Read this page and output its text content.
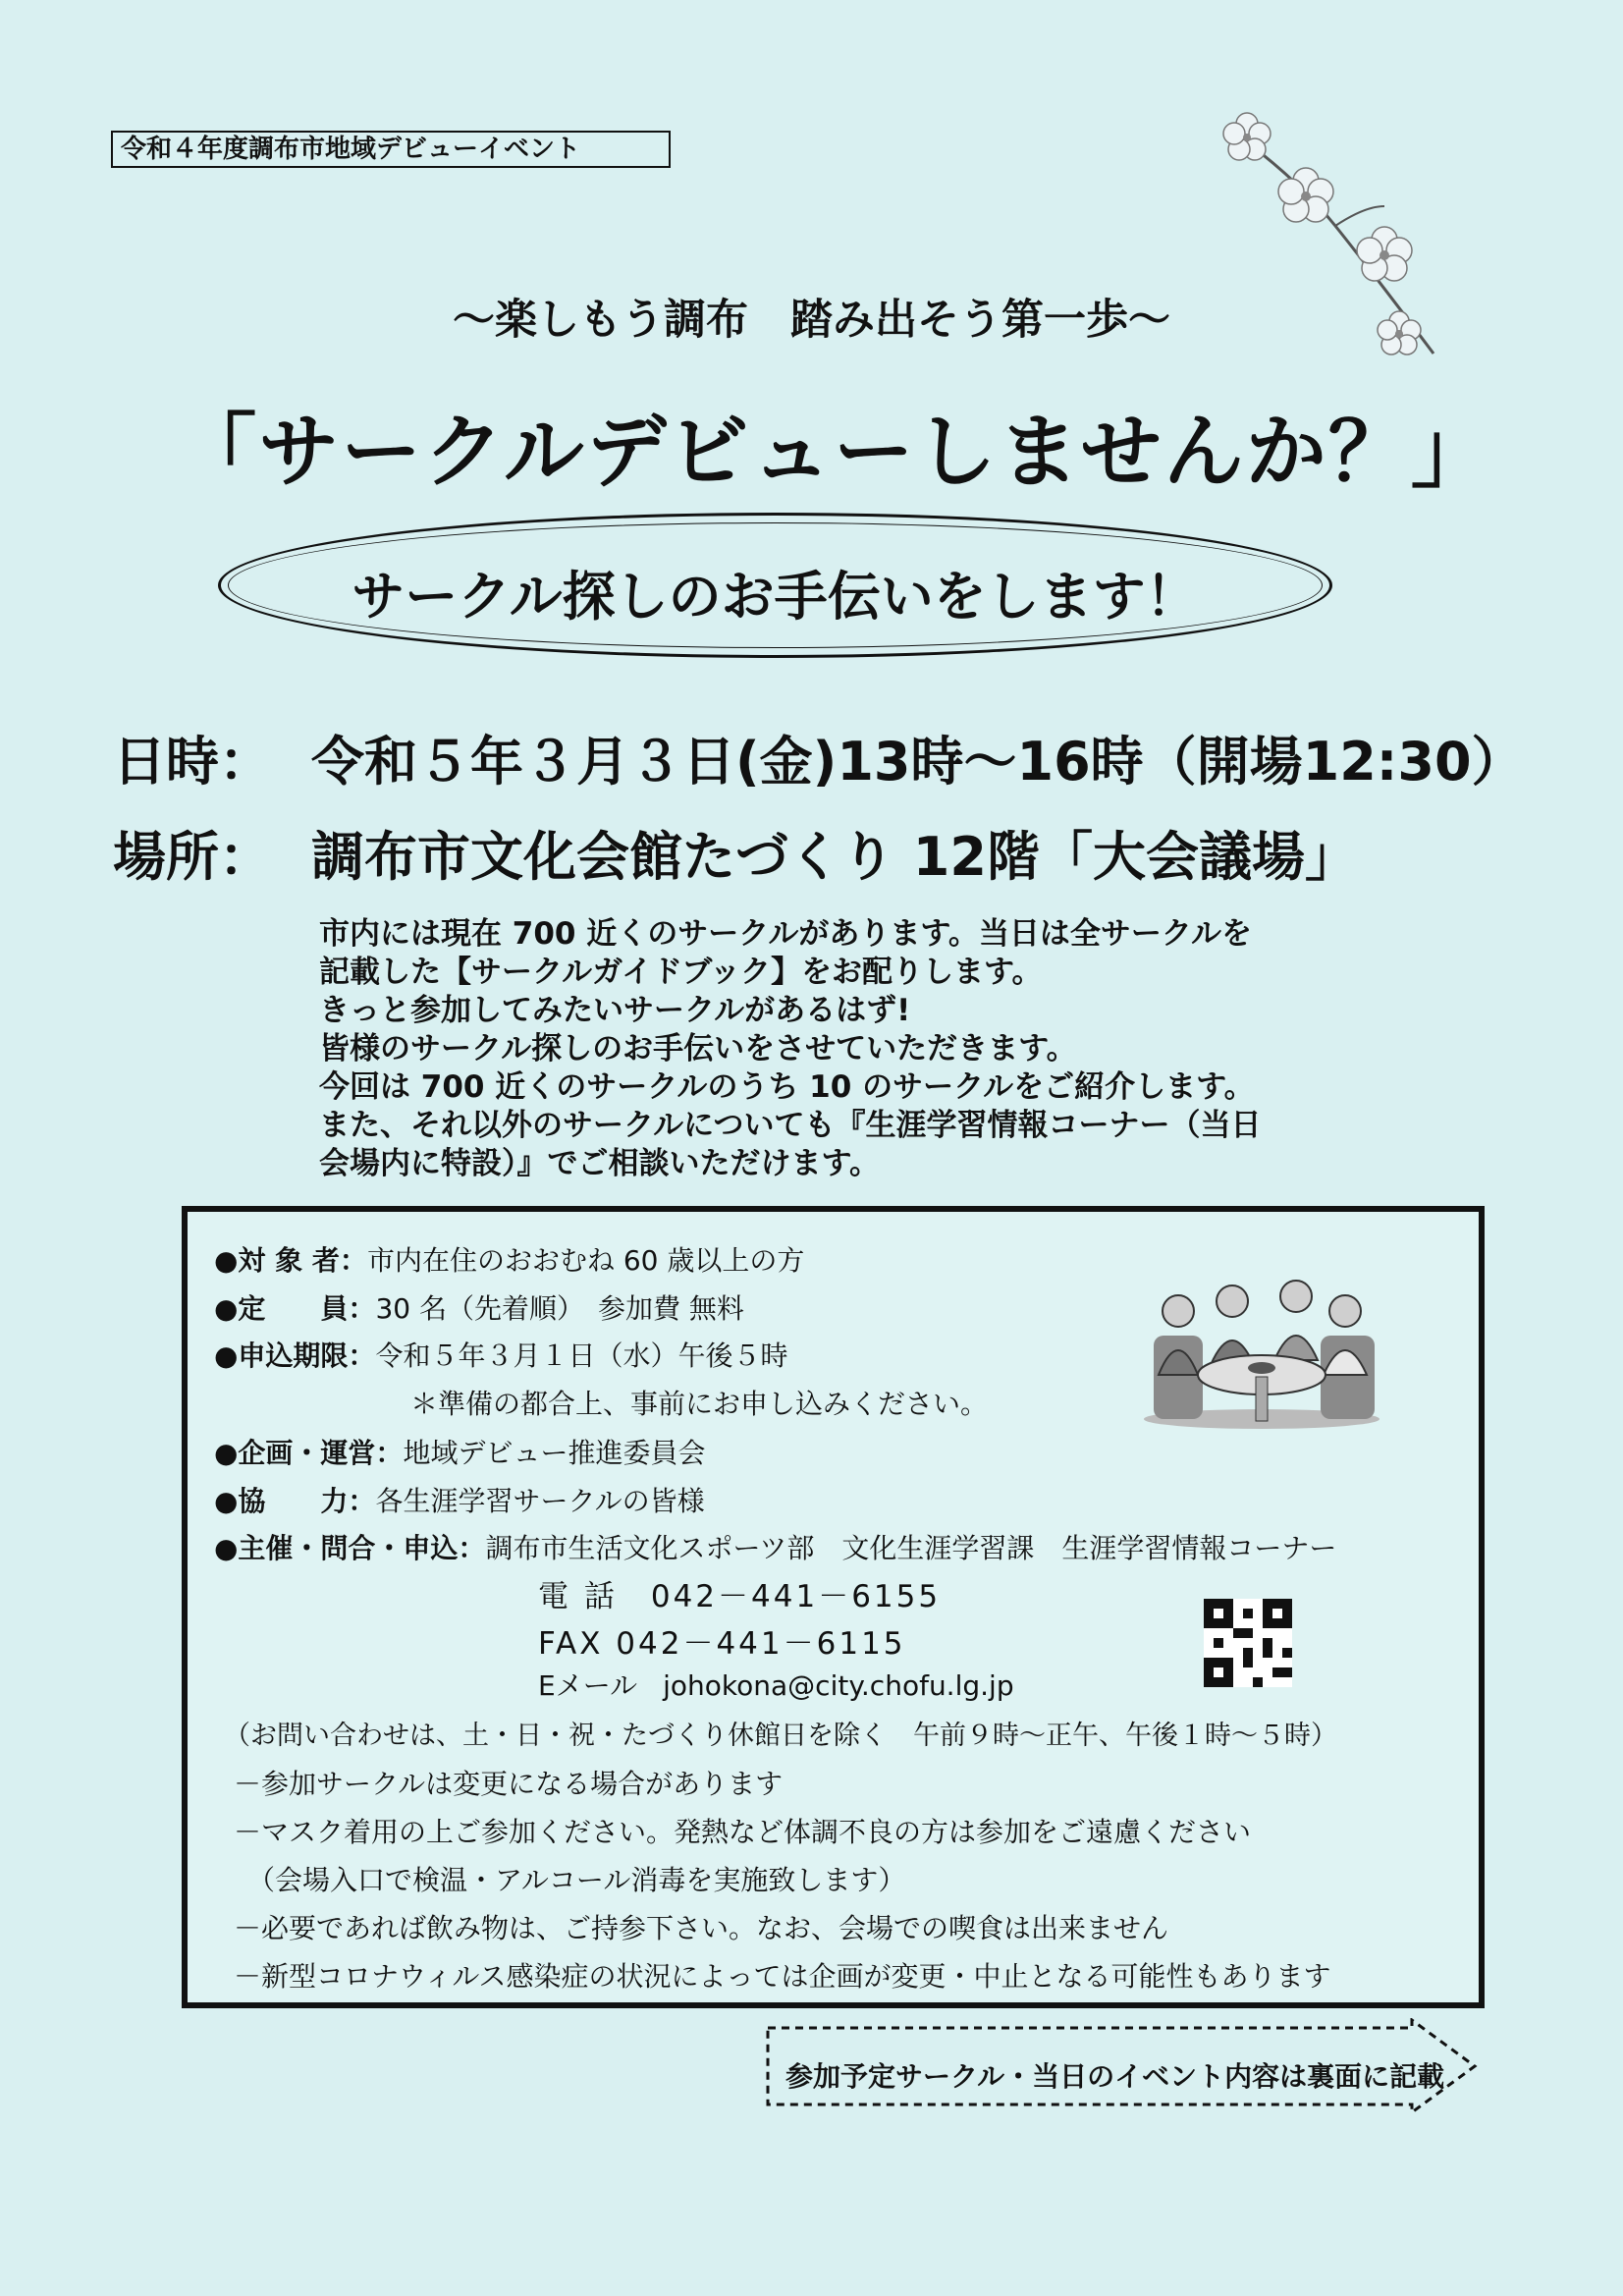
令和４年度調布市地域デビューイベント
～楽しもう調布　踏み出そう第一歩～
「サークルデビューしませんか？」
サークル探しのお手伝いをします！
日時： 令和５年３月３日(金)13時～16時（開場12:30）
場所： 調布市文化会館たづくり 12階「大会議場」
市内には現在 700 近くのサークルがあります。当日は全サークルを
記載した【サークルガイドブック】をお配りします。
きっと参加してみたいサークルがあるはず!
皆様のサークル探しのお手伝いをさせていただきます。
今回は 700 近くのサークルのうち 10 のサークルをご紹介します。
また、それ以外のサークルについても『生涯学習情報コーナー（当日
会場内に特設）』でご相談いただけます。
●対 象 者：市内在住のおおむね 60 歳以上の方
●定　　員：30 名（先着順）　参加費 無料
●申込期限：令和５年３月１日（水）午後５時
＊準備の都合上、事前にお申し込みください。
●企画・運営：地域デビュー推進委員会
●協　　力：各生涯学習サークルの皆様
●主催・問合・申込：調布市生活文化スポーツ部　文化生涯学習課　生涯学習情報コーナー
電 話　042－441－6155
FAX 042－441－6115
Eメール johokona@city.chofu.lg.jp
（お問い合わせは、土・日・祝・たづくり休館日を除く　午前９時～正午、午後１時～５時）
－参加サークルは変更になる場合があります
－マスク着用の上ご参加ください。発熱など体調不良の方は参加をご遠慮ください
　（会場入口で検温・アルコール消毒を実施致します）
－必要であれば飲み物は、ご持参下さい。なお、会場での喫食は出来ません
－新型コロナウィルス感染症の状況によっては企画が変更・中止となる可能性もあります
参加予定サークル・当日のイベント内容は裏面に記載
